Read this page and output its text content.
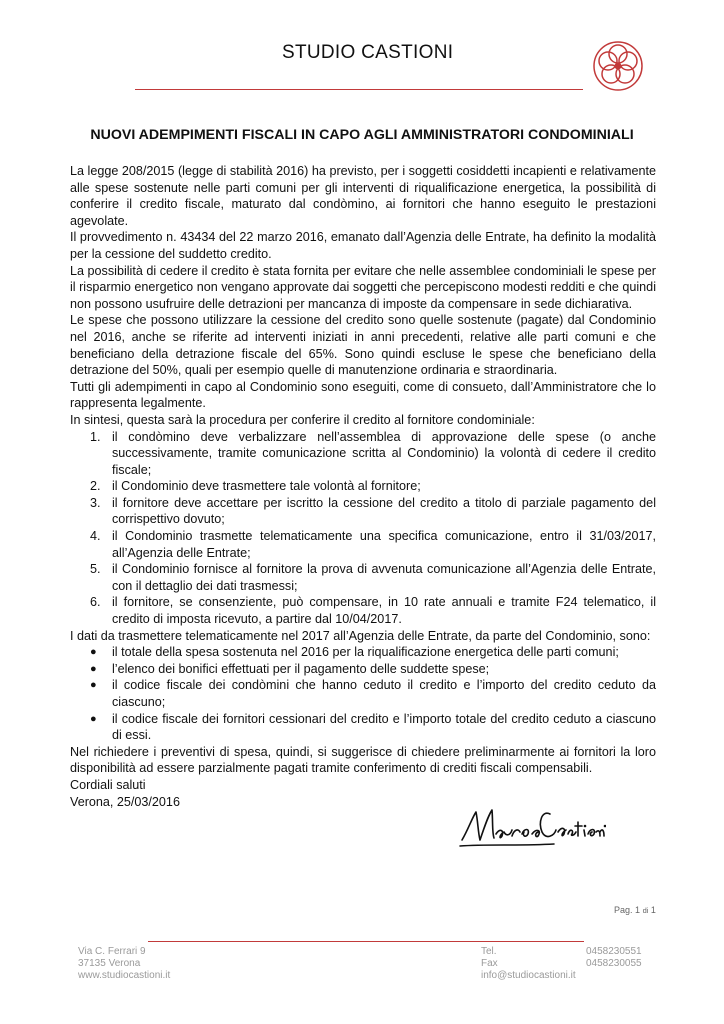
STUDIO CASTIONI
NUOVI ADEMPIMENTI FISCALI IN CAPO AGLI AMMINISTRATORI CONDOMINIALI

La legge 208/2015 (legge di stabilità 2016) ha previsto, per i soggetti cosiddetti incapienti e relativamente alle spese sostenute nelle parti comuni per gli interventi di riqualificazione energetica, la possibilità di conferire il credito fiscale, maturato dal condòmino, ai fornitori che hanno eseguito le prestazioni agevolate.

Il provvedimento n. 43434 del 22 marzo 2016, emanato dall’Agenzia delle Entrate, ha definito la modalità per la cessione del suddetto credito.

La possibilità di cedere il credito è stata fornita per evitare che nelle assemblee condominiali le spese per il risparmio energetico non vengano approvate dai soggetti che percepiscono modesti redditi e che quindi non possono usufruire delle detrazioni per mancanza di imposte da compensare in sede dichiarativa.

Le spese che possono utilizzare la cessione del credito sono quelle sostenute (pagate) dal Condominio nel 2016, anche se riferite ad interventi iniziati in anni precedenti, relative alle parti comuni e che beneficiano della detrazione fiscale del 65%. Sono quindi escluse le spese che beneficiano della detrazione del 50%, quali per esempio quelle di manutenzione ordinaria e straordinaria.

Tutti gli adempimenti in capo al Condominio sono eseguiti, come di consueto, dall’Amministratore che lo rappresenta legalmente.

In sintesi, questa sarà la procedura per conferire il credito al fornitore condominiale:

1. il condòmino deve verbalizzare nell’assemblea di approvazione delle spese (o anche successivamente, tramite comunicazione scritta al Condominio) la volontà di cedere il credito fiscale;
2. il Condominio deve trasmettere tale volontà al fornitore;
3. il fornitore deve accettare per iscritto la cessione del credito a titolo di parziale pagamento del corrispettivo dovuto;
4. il Condominio trasmette telematicamente una specifica comunicazione, entro il 31/03/2017, all’Agenzia delle Entrate;
5. il Condominio fornisce al fornitore la prova di avvenuta comunicazione all’Agenzia delle Entrate, con il dettaglio dei dati trasmessi;
6. il fornitore, se consenziente, può compensare, in 10 rate annuali e tramite F24 telematico, il credito di imposta ricevuto, a partire dal 10/04/2017.

I dati da trasmettere telematicamente nel 2017 all’Agenzia delle Entrate, da parte del Condominio, sono:

● il totale della spesa sostenuta nel 2016 per la riqualificazione energetica delle parti comuni;
● l’elenco dei bonifici effettuati per il pagamento delle suddette spese;
● il codice fiscale dei condòmini che hanno ceduto il credito e l’importo del credito ceduto da ciascuno;
● il codice fiscale dei fornitori cessionari del credito e l’importo totale del credito ceduto a ciascuno di essi.

Nel richiedere i preventivi di spesa, quindi, si suggerisce di chiedere preliminarmente ai fornitori la loro disponibilità ad essere parzialmente pagati tramite conferimento di crediti fiscali compensabili.

Cordiali saluti

Verona, 25/03/2016

Pag. 1 di 1
Via C. Ferrari 9
37135 Verona
www.studiocastioni.it
Tel.
Fax
info@studiocastioni.it
0458230551
0458230055
